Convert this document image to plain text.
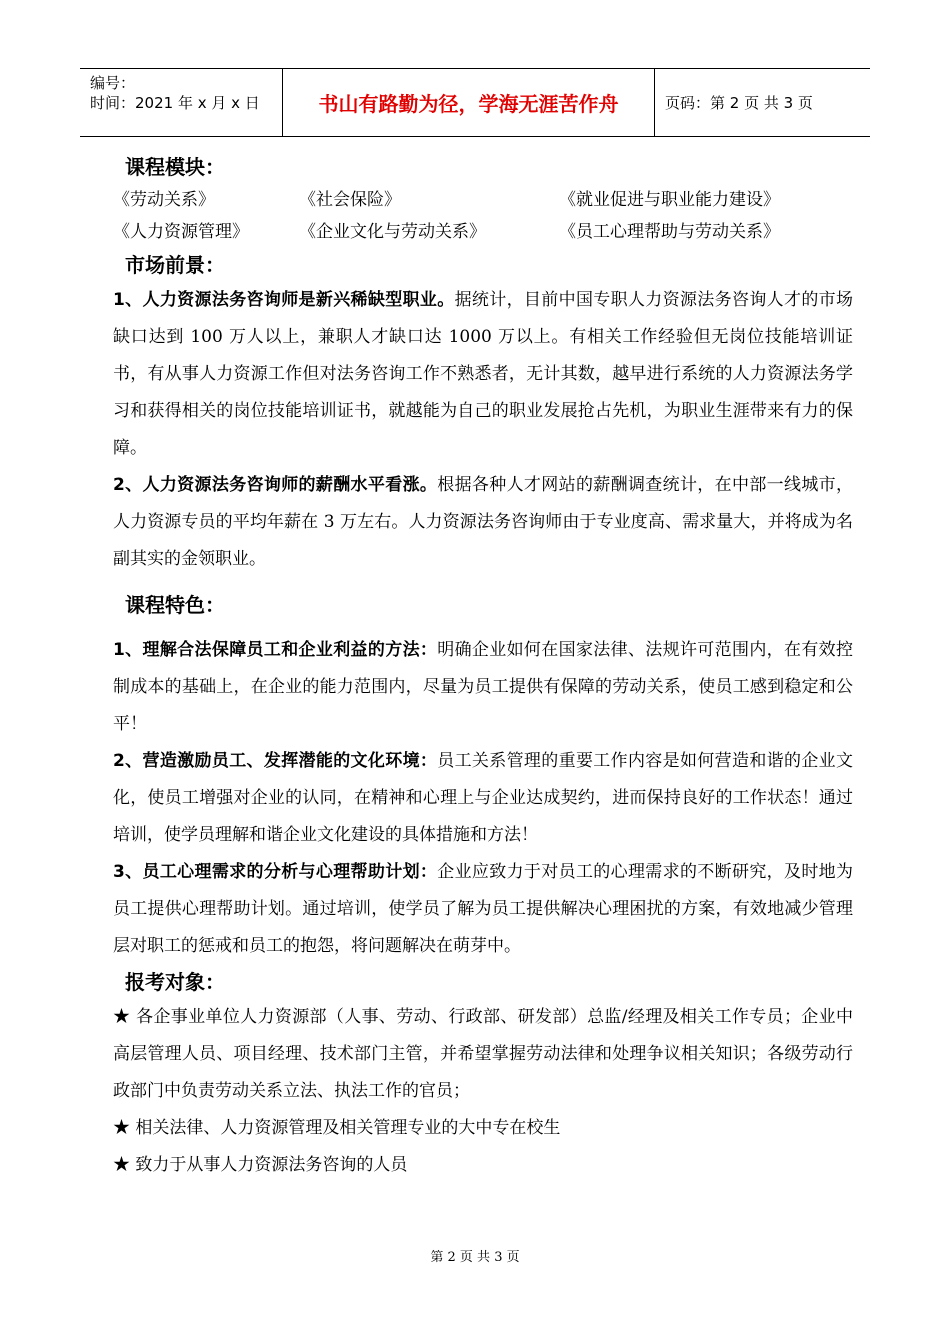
编号：
时间：2021 年 x 月 x 日	书山有路勤为径，学海无涯苦作舟	页码：第 2 页 共 3 页
课程模块：
《劳动关系》	《社会保险》	《就业促进与职业能力建设》
《人力资源管理》	《企业文化与劳动关系》	《员工心理帮助与劳动关系》
市场前景：
1、人力资源法务咨询师是新兴稀缺型职业。据统计，目前中国专职人力资源法务咨询人才的市场缺口达到 100 万人以上，兼职人才缺口达 1000 万以上。有相关工作经验但无岗位技能培训证书，有从事人力资源工作但对法务咨询工作不熟悉者，无计其数，越早进行系统的人力资源法务学习和获得相关的岗位技能培训证书，就越能为自己的职业发展抢占先机，为职业生涯带来有力的保障。
2、人力资源法务咨询师的薪酬水平看涨。根据各种人才网站的薪酬调查统计，在中部一线城市，人力资源专员的平均年薪在 3 万左右。人力资源法务咨询师由于专业度高、需求量大，并将成为名副其实的金领职业。
课程特色：
1、理解合法保障员工和企业利益的方法：明确企业如何在国家法律、法规许可范围内，在有效控制成本的基础上，在企业的能力范围内，尽量为员工提供有保障的劳动关系，使员工感到稳定和公平！
2、营造激励员工、发挥潜能的文化环境：员工关系管理的重要工作内容是如何营造和谐的企业文化，使员工增强对企业的认同，在精神和心理上与企业达成契约，进而保持良好的工作状态！通过培训，使学员理解和谐企业文化建设的具体措施和方法！
3、员工心理需求的分析与心理帮助计划：企业应致力于对员工的心理需求的不断研究，及时地为员工提供心理帮助计划。通过培训，使学员了解为员工提供解决心理困扰的方案，有效地减少管理层对职工的惩戒和员工的抱怨，将问题解决在萌芽中。
报考对象：
★ 各企事业单位人力资源部（人事、劳动、行政部、研发部）总监/经理及相关工作专员；企业中高层管理人员、项目经理、技术部门主管，并希望掌握劳动法律和处理争议相关知识；各级劳动行政部门中负责劳动关系立法、执法工作的官员；
★ 相关法律、人力资源管理及相关管理专业的大中专在校生
★ 致力于从事人力资源法务咨询的人员
第 2 页 共 3 页
